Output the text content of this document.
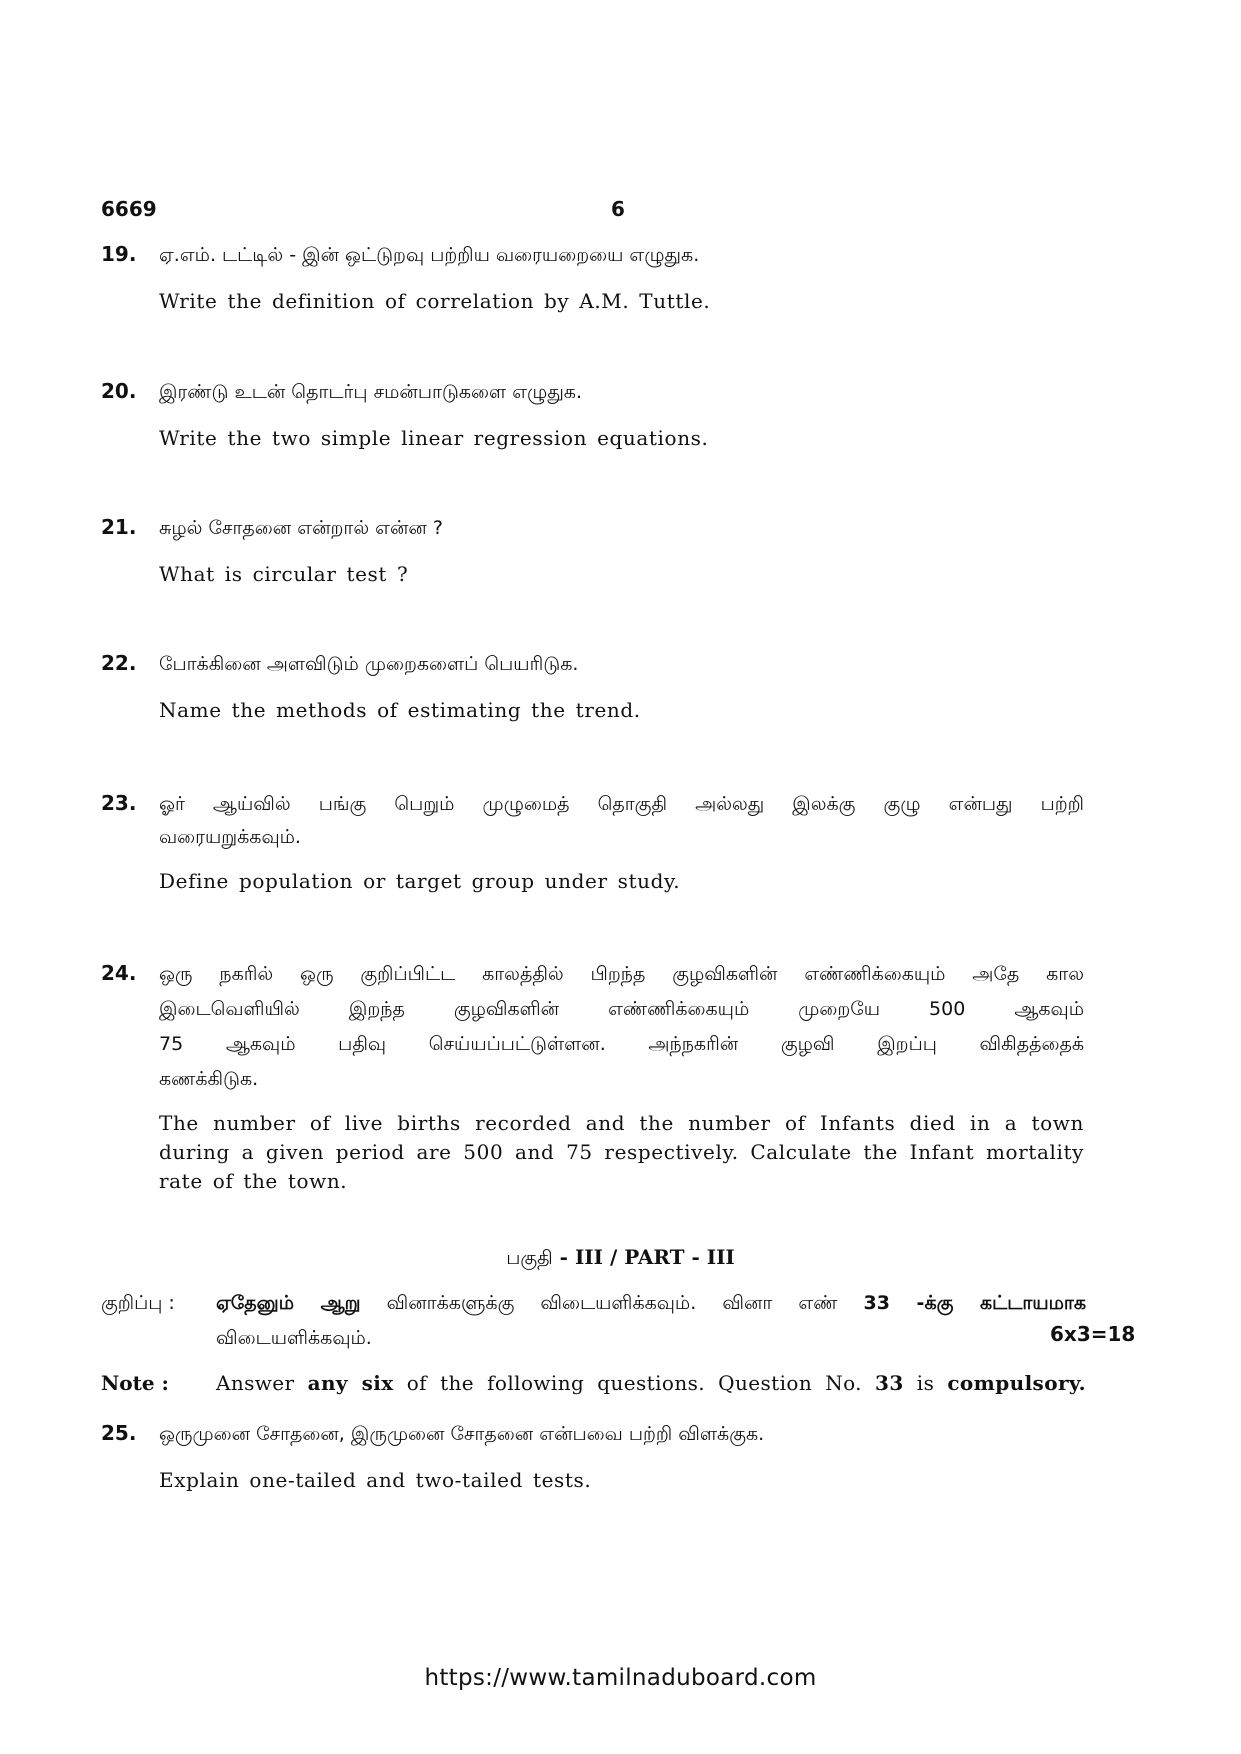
6669	6
19. ஏ.எம். டட்டில் - இன் ஒட்டுறவு பற்றிய வரையறையை எழுதுக.
Write the definition of correlation by A.M. Tuttle.
20. இரண்டு உடன் தொடர்பு சமன்பாடுகளை எழுதுக.
Write the two simple linear regression equations.
21. சுழல் சோதனை என்றால் என்ன ?
What is circular test ?
22. போக்கினை அளவிடும் முறைகளைப் பெயரிடுக.
Name the methods of estimating the trend.
23. ஓர் ஆய்வில் பங்கு பெறும் முழுமைத் தொகுதி அல்லது இலக்கு குழு என்பது பற்றி
வரையறுக்கவும்.
Define population or target group under study.
24. ஒரு நகரில் ஒரு குறிப்பிட்ட காலத்தில் பிறந்த குழவிகளின் எண்ணிக்கையும் அதே கால
இடைவெளியில் இறந்த குழவிகளின் எண்ணிக்கையும் முறையே 500 ஆகவும்
75 ஆகவும் பதிவு செய்யப்பட்டுள்ளன. அந்நகரின் குழவி இறப்பு விகிதத்தைக்
கணக்கிடுக.
The number of live births recorded and the number of Infants died in a town during a given period are 500 and 75 respectively. Calculate the Infant mortality rate of the town.
பகுதி - III / PART - III
குறிப்பு : ஏதேனும் ஆறு வினாக்களுக்கு விடையளிக்கவும். வினா எண் 33 -க்கு கட்டாயமாக
விடையளிக்கவும்.	6x3=18
Note : Answer any six of the following questions. Question No. 33 is compulsory.
25. ஒருமுனை சோதனை, இருமுனை சோதனை என்பவை பற்றி விளக்குக.
Explain one-tailed and two-tailed tests.
https://www.tamilnaduboard.com
